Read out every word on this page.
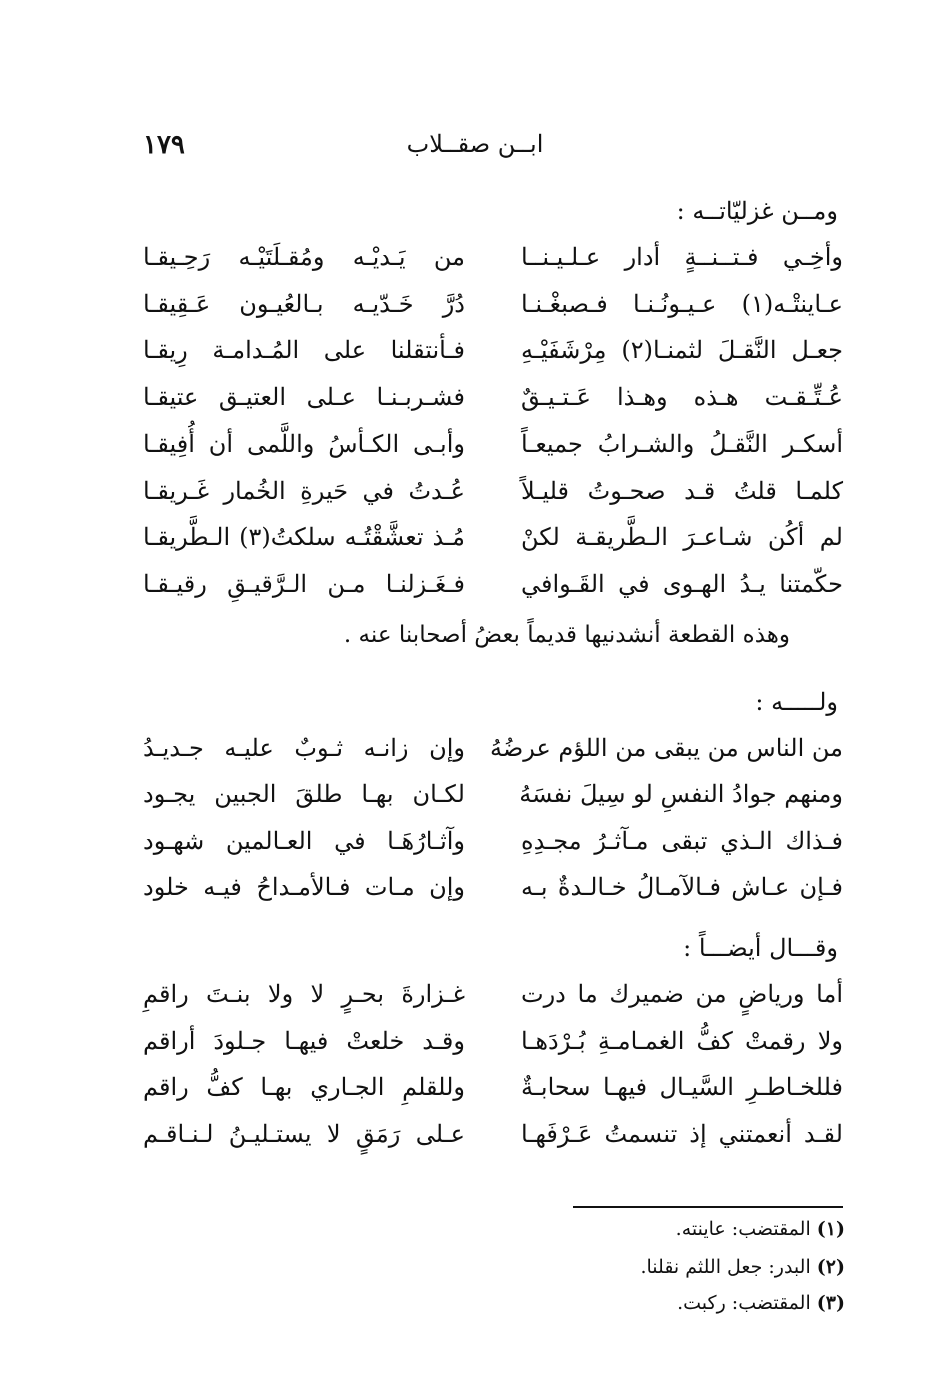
١٧٩	ابــن صقــلاب
ومــن غزليّاتــه :
وأخِـي فـتــنــةٍ أدار عـلـيـنــا
من يَـديْـه ومُقـلَتَيْـه رَحِـيقـا
عـاينتْـه(١) عـيـونُـنـا فـصبغْـنـا
دُرَّ خَـدّيـه بـالعُيـون عَـقِيقـا
جعـل النَّقـلَ لثمنـا(٢) مِرْشَفَيْـهِ
فـأنتقلنا على المُـدامـة رِيقـا
عُـتِّـقـت هـذه وهـذا عَـتـيـقٌ
فشـربـنـا عـلى العتيـق عتيقـا
أسكـر النَّقـلُ والشـرابُ جميعـاً
وأبـى الكـأسُ واللَّمى أن أُفِيقـا
كلمـا قلتُ قـد صحـوتُ قليـلاً
عُـدتُ في حَيرةِ الخُمار غَـريقـا
لم أكُن شـاعـرَ الـطَّريقـة لكنْ
مُـذ تعشَّقْتُـه سلكتُ(٣) الـطَّريقـا
حكّمتنا يـدُ الهـوى في القَـوافي
فـغَـزلنـا مـن الـرَّقيـقِ رقيـقـا
وهذه القطعة أنشدنيها قديماً بعضُ أصحابنا عنه .
ولـــــه :
من الناس من يبقى من اللؤم عرضُهُ
وإن زانـه ثـوبٌ عليـه جـديـدُ
ومنهم جوادُ النفسِ لو سِيلَ نفسَهُ
لكـان بهـا طلقَ الجبين يجـود
فـذاك الـذي تبقى مـآثـرُ مجـدِهِ
وآثـارُهَـا في العـالمين شهـود
فـإن عـاش فـالآمـالُ خـالـدةٌ بـه
وإن مـات فـالأمـداحُ فيـه خلود
وقـــال أيضـــاً :
أما ورياضٍ من ضميرك ما درت
غـزارةَ بحـرٍ لا ولا بنـتَ راقمِ
ولا رقمتْ كفُّ الغمـامـةِ بُـرْدَهـا
وقـد خلعتْ فيهـا جـلودَ أراقم
فللخـاطـرِ السَّيـال فيهـا سحابـةٌ
وللقلمِ الجـاري بهـا كفُّ راقم
لقـد أنعمتني إذ تنسمتُ عَـرْفَهـا
عـلى رَمَقٍ لا يستـليـنُ لـنـاقـم
(١) المقتضب: عاينته.
(٢) البدر: جعل اللثم نقلنا.
(٣) المقتضب: ركبت.
